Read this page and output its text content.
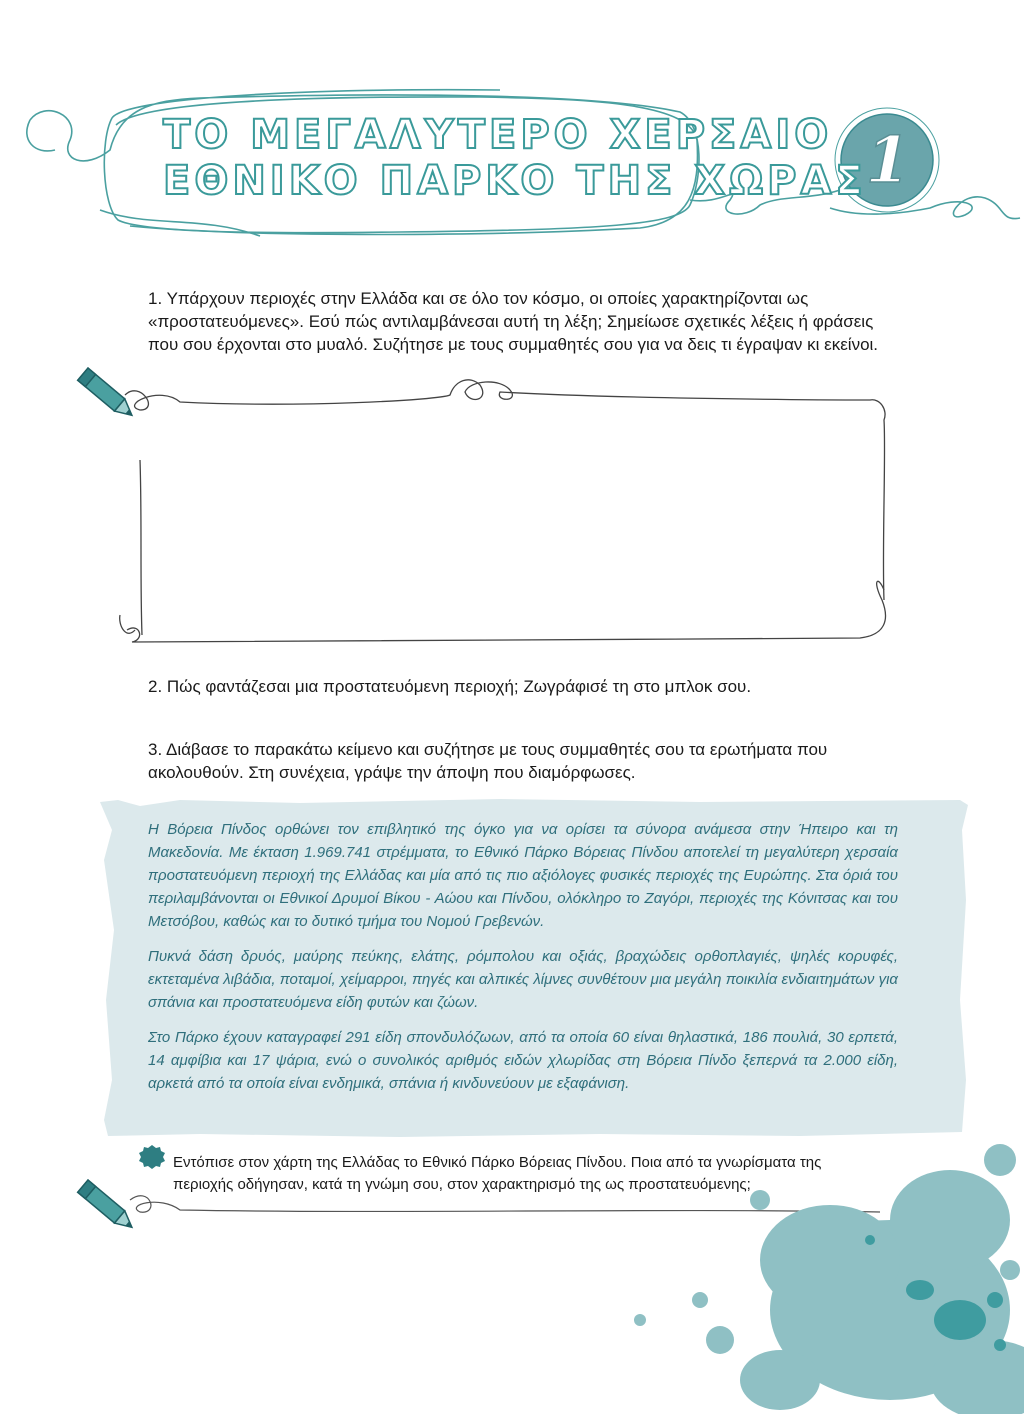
ΤΟ ΜΕΓΑΛΥΤΕΡΟ ΧΕΡΣΑΙΟ
ΕΘΝΙΚΟ ΠΑΡΚΟ ΤΗΣ ΧΩΡΑΣ
1
1. Υπάρχουν περιοχές στην Ελλάδα και σε όλο τον κόσμο, οι οποίες χαρακτηρίζονται ως «προστατευόμενες». Εσύ πώς αντιλαμβάνεσαι αυτή τη λέξη; Σημείωσε σχετικές λέξεις ή φράσεις που σου έρχονται στο μυαλό. Συζήτησε με τους συμμαθητές σου για να δεις τι έγραψαν κι εκείνοι.
2. Πώς φαντάζεσαι μια προστατευόμενη περιοχή; Ζωγράφισέ τη στο μπλοκ σου.
3. Διάβασε το παρακάτω κείμενο και συζήτησε με τους συμμαθητές σου τα ερωτήματα που ακολουθούν. Στη συνέχεια, γράψε την άποψη που διαμόρφωσες.

Η Βόρεια Πίνδος ορθώνει τον επιβλητικό της όγκο για να ορίσει τα σύνορα ανάμεσα στην Ήπειρο και τη Μακεδονία. Με έκταση 1.969.741 στρέμματα, το Εθνικό Πάρκο Βόρειας Πίνδου αποτελεί τη μεγαλύτερη χερσαία προστατευόμενη περιοχή της Ελλάδας και μία από τις πιο αξιόλογες φυσικές περιοχές της Ευρώπης. Στα όριά του περιλαμβάνονται οι Εθνικοί Δρυμοί Βίκου - Αώου και Πίνδου, ολόκληρο το Ζαγόρι, περιοχές της Κόνιτσας και του Μετσόβου, καθώς και το δυτικό τμήμα του Νομού Γρεβενών.

Πυκνά δάση δρυός, μαύρης πεύκης, ελάτης, ρόμπολου και οξιάς, βραχώδεις ορθοπλαγιές, ψηλές κορυφές, εκτεταμένα λιβάδια, ποταμοί, χείμαρροι, πηγές και αλπικές λίμνες συνθέτουν μια μεγάλη ποικιλία ενδιαιτημάτων για σπάνια και προστατευόμενα είδη φυτών και ζώων.

Στο Πάρκο έχουν καταγραφεί 291 είδη σπονδυλόζωων, από τα οποία 60 είναι θηλαστικά, 186 πουλιά, 30 ερπετά, 14 αμφίβια και 17 ψάρια, ενώ ο συνολικός αριθμός ειδών χλωρίδας στη Βόρεια Πίνδο ξεπερνά τα 2.000 είδη, αρκετά από τα οποία είναι ενδημικά, σπάνια ή κινδυνεύουν με εξαφάνιση.

Εντόπισε στον χάρτη της Ελλάδας το Εθνικό Πάρκο Βόρειας Πίνδου. Ποια από τα γνωρίσματα της περιοχής οδήγησαν, κατά τη γνώμη σου, στον χαρακτηρισμό της ως προστατευόμενης;
